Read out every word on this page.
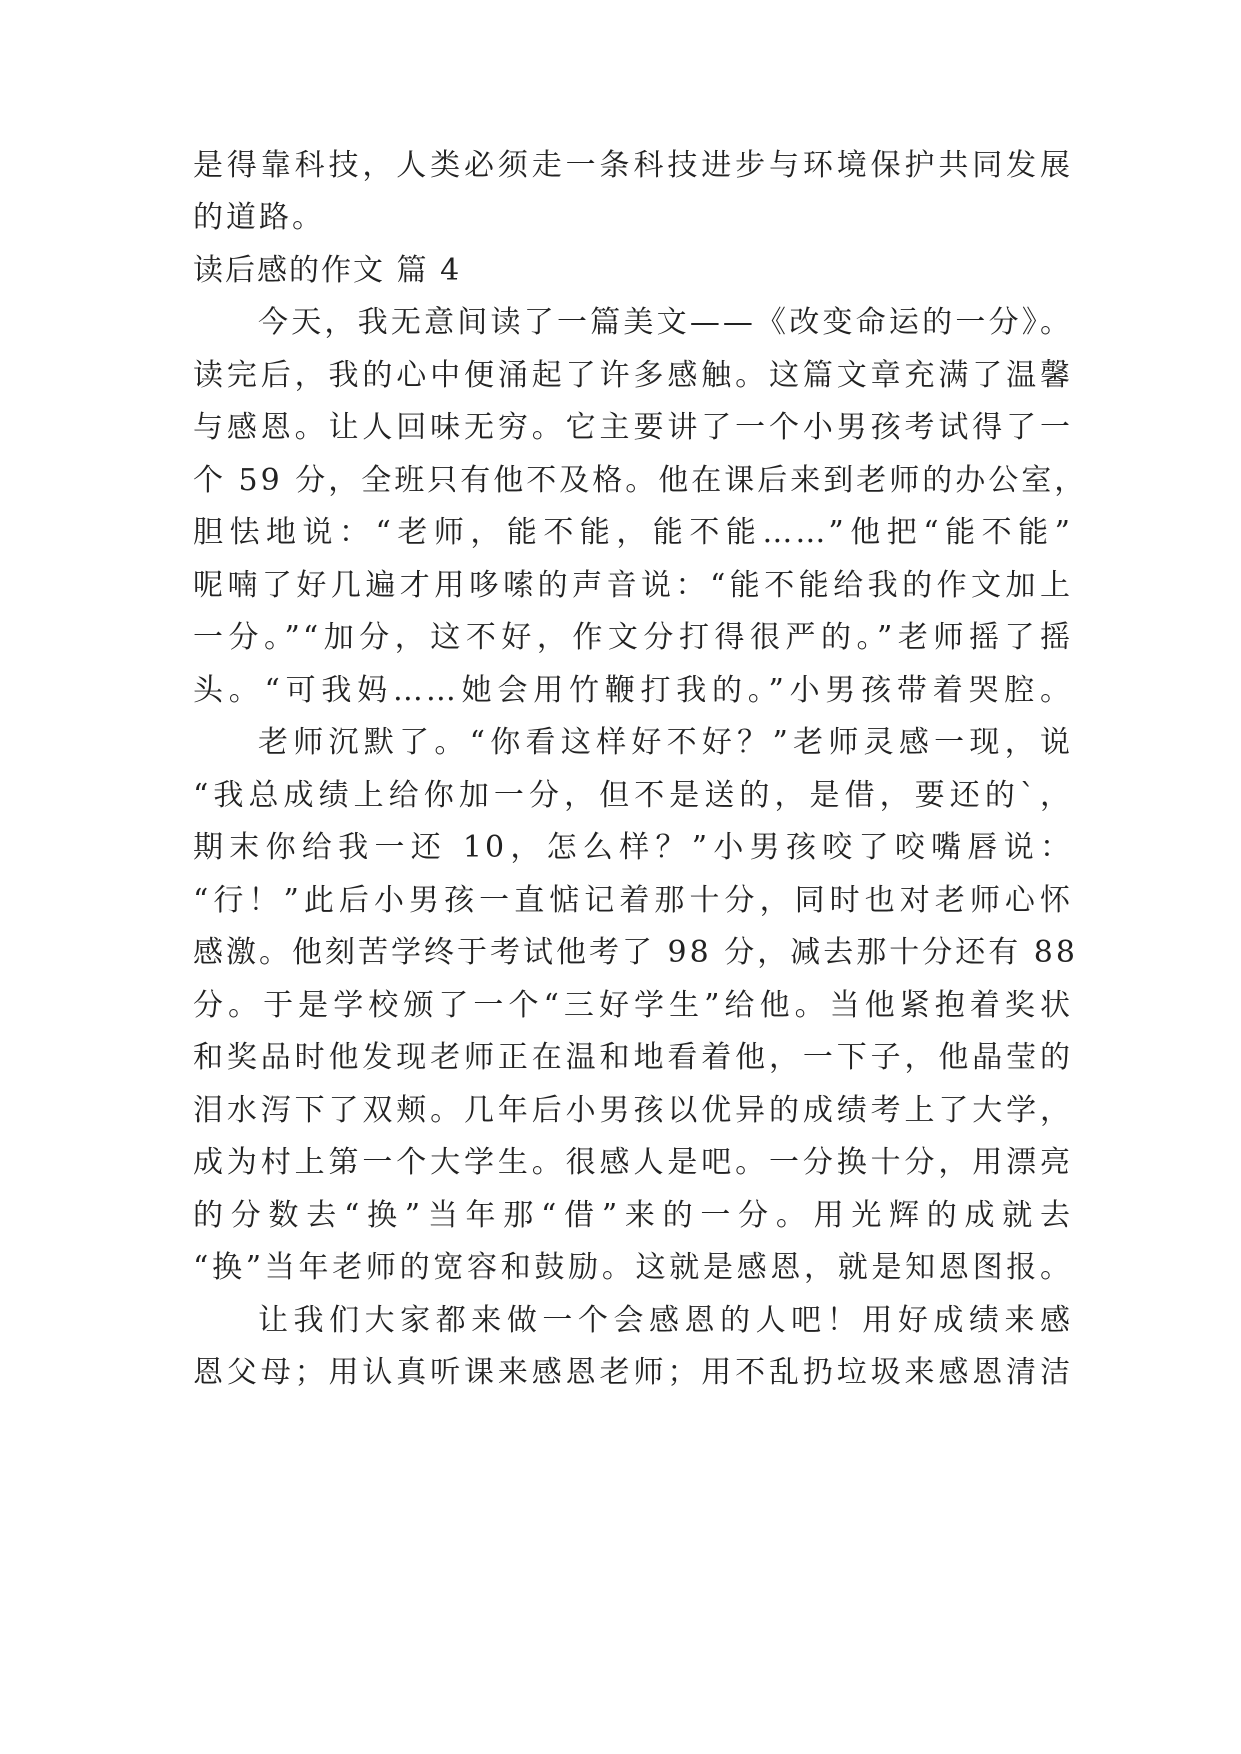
是得靠科技，人类必须走一条科技进步与环境保护共同发展
的道路。
读后感的作文 篇 4
今天，我无意间读了一篇美文——《改变命运的一分》。
读完后，我的心中便涌起了许多感触。这篇文章充满了温馨
与感恩。让人回味无穷。它主要讲了一个小男孩考试得了一
个 59 分，全班只有他不及格。他在课后来到老师的办公室，
胆怯地说：“老师，能不能，能不能……”他把“能不能”
呢喃了好几遍才用哆嗦的声音说：“能不能给我的作文加上
一分。”“加分，这不好，作文分打得很严的。”老师摇了摇
头。“可我妈……她会用竹鞭打我的。”小男孩带着哭腔。
老师沉默了。“你看这样好不好？”老师灵感一现，说
“我总成绩上给你加一分，但不是送的，是借，要还的`，
期末你给我一还 10，怎么样？”小男孩咬了咬嘴唇说：
“行！”此后小男孩一直惦记着那十分，同时也对老师心怀
感激。他刻苦学终于考试他考了 98 分，减去那十分还有 88
分。于是学校颁了一个“三好学生”给他。当他紧抱着奖状
和奖品时他发现老师正在温和地看着他，一下子，他晶莹的
泪水泻下了双颊。几年后小男孩以优异的成绩考上了大学，
成为村上第一个大学生。很感人是吧。一分换十分，用漂亮
的分数去“换”当年那“借”来的一分。用光辉的成就去
“换”当年老师的宽容和鼓励。这就是感恩，就是知恩图报。
让我们大家都来做一个会感恩的人吧！用好成绩来感
恩父母；用认真听课来感恩老师；用不乱扔垃圾来感恩清洁
